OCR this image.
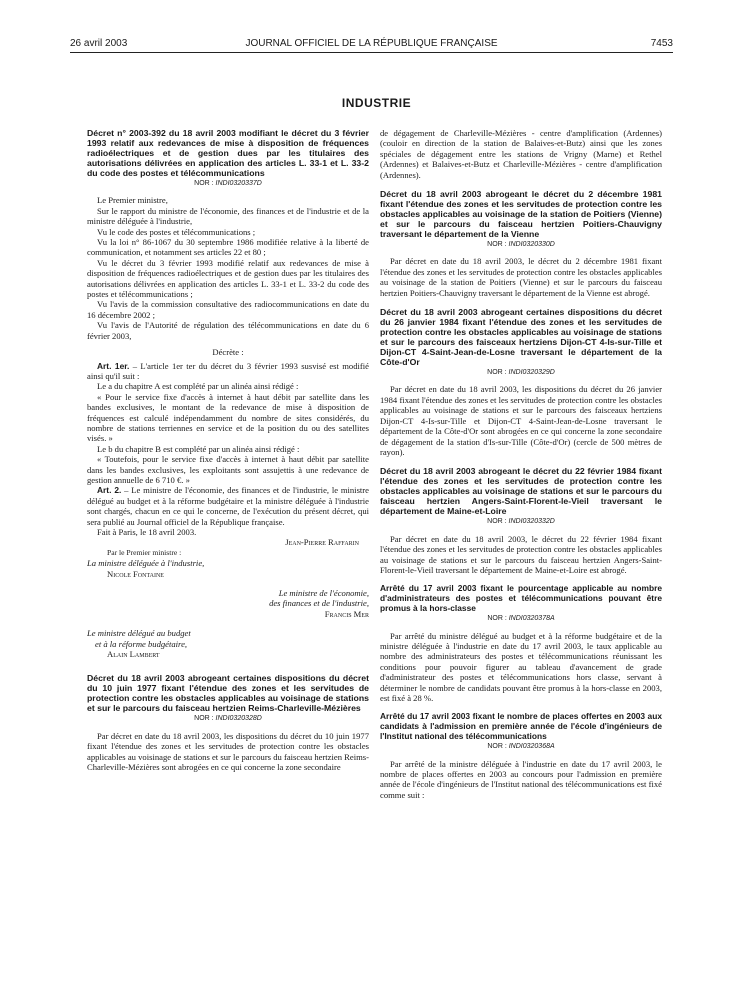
26 avril 2003	JOURNAL OFFICIEL DE LA RÉPUBLIQUE FRANÇAISE	7453
INDUSTRIE
Décret n° 2003-392 du 18 avril 2003 modifiant le décret du 3 février 1993 relatif aux redevances de mise à disposition de fréquences radioélectriques et de gestion dues par les titulaires des autorisations délivrées en application des articles L. 33-1 et L. 33-2 du code des postes et télécommunications
NOR : INDI0320337D

Le Premier ministre,

Sur le rapport du ministre de l'économie, des finances et de l'industrie et de la ministre déléguée à l'industrie,

Vu le code des postes et télécommunications ;

Vu la loi n° 86-1067 du 30 septembre 1986 modifiée relative à la liberté de communication, et notamment ses articles 22 et 80 ;

Vu le décret du 3 février 1993 modifié relatif aux redevances de mise à disposition de fréquences radioélectriques et de gestion dues par les titulaires des autorisations délivrées en application des articles L. 33-1 et L. 33-2 du code des postes et télécommunications ;

Vu l'avis de la commission consultative des radiocommunications en date du 16 décembre 2002 ;

Vu l'avis de l'Autorité de régulation des télécommunications en date du 6 février 2003,

Décrète :

Art. 1er. – L'article 1er ter du décret du 3 février 1993 susvisé est modifié ainsi qu'il suit :

Le a du chapitre A est complété par un alinéa ainsi rédigé :

« Pour le service fixe d'accès à internet à haut débit par satellite dans les bandes exclusives, le montant de la redevance de mise à disposition de fréquences est calculé indépendamment du nombre de sites considérés, du nombre de stations terriennes en service et de la position du ou des satellites visés. »

Le b du chapitre B est complété par un alinéa ainsi rédigé :

« Toutefois, pour le service fixe d'accès à internet à haut débit par satellite dans les bandes exclusives, les exploitants sont assujettis à une redevance de gestion annuelle de 6 710 €. »

Art. 2. – Le ministre de l'économie, des finances et de l'industrie, le ministre délégué au budget et à la réforme budgétaire et la ministre déléguée à l'industrie sont chargés, chacun en ce qui le concerne, de l'exécution du présent décret, qui sera publié au Journal officiel de la République française.

Fait à Paris, le 18 avril 2003.

Jean-Pierre Raffarin

Par le Premier ministre :

La ministre déléguée à l'industrie,

Nicole Fontaine

Le ministre de l'économie,

des finances et de l'industrie,

Francis Mer

Le ministre délégué au budget

et à la réforme budgétaire,

Alain Lambert

Décret du 18 avril 2003 abrogeant certaines dispositions du décret du 10 juin 1977 fixant l'étendue des zones et les servitudes de protection contre les obstacles applicables au voisinage de stations et sur le parcours du faisceau hertzien Reims-Charleville-Mézières
NOR : INDI0320328D

Par décret en date du 18 avril 2003, les dispositions du décret du 10 juin 1977 fixant l'étendue des zones et les servitudes de protection contre les obstacles applicables au voisinage de stations et sur le parcours du faisceau hertzien Reims-Charleville-Mézières sont abrogées en ce qui concerne la zone secondaire

de dégagement de Charleville-Mézières - centre d'amplification (Ardennes) (couloir en direction de la station de Balaives-et-Butz) ainsi que les zones spéciales de dégagement entre les stations de Vrigny (Marne) et Rethel (Ardennes) et Balaives-et-Butz et Charleville-Mézières - centre d'amplification (Ardennes).

Décret du 18 avril 2003 abrogeant le décret du 2 décembre 1981 fixant l'étendue des zones et les servitudes de protection contre les obstacles applicables au voisinage de la station de Poitiers (Vienne) et sur le parcours du faisceau hertzien Poitiers-Chauvigny traversant le département de la Vienne
NOR : INDI0320330D

Par décret en date du 18 avril 2003, le décret du 2 décembre 1981 fixant l'étendue des zones et les servitudes de protection contre les obstacles applicables au voisinage de la station de Poitiers (Vienne) et sur le parcours du faisceau hertzien Poitiers-Chauvigny traversant le département de la Vienne est abrogé.

Décret du 18 avril 2003 abrogeant certaines dispositions du décret du 26 janvier 1984 fixant l'étendue des zones et les servitudes de protection contre les obstacles applicables au voisinage de stations et sur le parcours des faisceaux hertziens Dijon-CT 4-Is-sur-Tille et Dijon-CT 4-Saint-Jean-de-Losne traversant le département de la Côte-d'Or
NOR : INDI0320329D

Par décret en date du 18 avril 2003, les dispositions du décret du 26 janvier 1984 fixant l'étendue des zones et les servitudes de protection contre les obstacles applicables au voisinage de stations et sur le parcours des faisceaux hertziens Dijon-CT 4-Is-sur-Tille et Dijon-CT 4-Saint-Jean-de-Losne traversant le département de la Côte-d'Or sont abrogées en ce qui concerne la zone secondaire de dégagement de la station d'Is-sur-Tille (Côte-d'Or) (cercle de 500 mètres de rayon).

Décret du 18 avril 2003 abrogeant le décret du 22 février 1984 fixant l'étendue des zones et les servitudes de protection contre les obstacles applicables au voisinage de stations et sur le parcours du faisceau hertzien Angers-Saint-Florent-le-Vieil traversant le département de Maine-et-Loire
NOR : INDI0320332D

Par décret en date du 18 avril 2003, le décret du 22 février 1984 fixant l'étendue des zones et les servitudes de protection contre les obstacles applicables au voisinage de stations et sur le parcours du faisceau hertzien Angers-Saint-Florent-le-Vieil traversant le département de Maine-et-Loire est abrogé.

Arrêté du 17 avril 2003 fixant le pourcentage applicable au nombre d'administrateurs des postes et télécommunications pouvant être promus à la hors-classe
NOR : INDI0320378A

Par arrêté du ministre délégué au budget et à la réforme budgétaire et de la ministre déléguée à l'industrie en date du 17 avril 2003, le taux applicable au nombre des administrateurs des postes et télécommunications réunissant les conditions pour pouvoir figurer au tableau d'avancement de grade d'administrateur des postes et télécommunications hors classe, servant à déterminer le nombre de candidats pouvant être promus à la hors-classe en 2003, est fixé à 28 %.

Arrêté du 17 avril 2003 fixant le nombre de places offertes en 2003 aux candidats à l'admission en première année de l'école d'ingénieurs de l'Institut national des télécommunications
NOR : INDI0320368A

Par arrêté de la ministre déléguée à l'industrie en date du 17 avril 2003, le nombre de places offertes en 2003 au concours pour l'admission en première année de l'école d'ingénieurs de l'Institut national des télécommunications est fixé comme suit :
